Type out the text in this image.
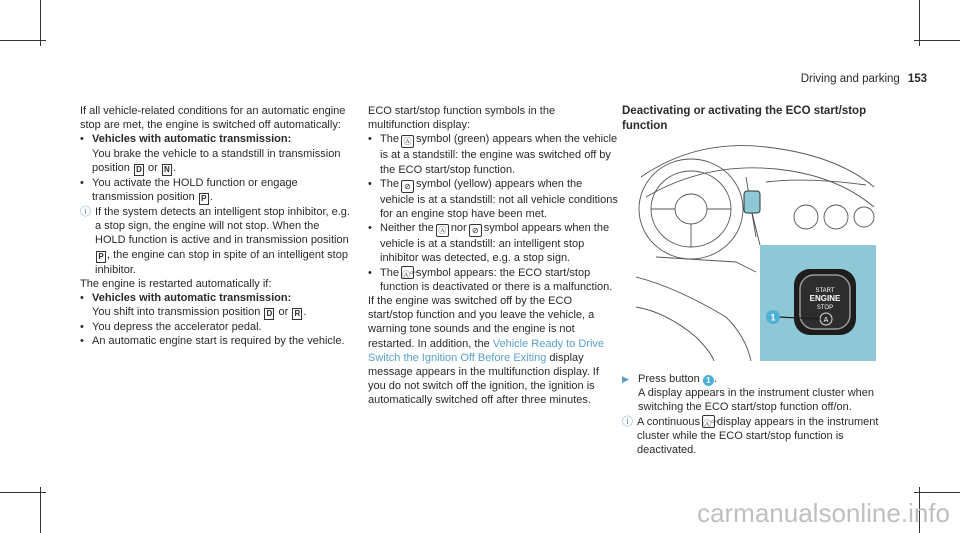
Driving and parking 153

If all vehicle-related conditions for an automatic engine stop are met, the engine is switched off automatically:

• Vehicles with automatic transmission:
You brake the vehicle to a standstill in transmission position D or N .

• You activate the HOLD function or engage transmission position P .

ⓘ If the system detects an intelligent stop inhibitor, e.g. a stop sign, the engine will not stop. When the HOLD function is active and in transmission position P , the engine can stop in spite of an intelligent stop inhibitor.

The engine is restarted automatically if:

• Vehicles with automatic transmission:
You shift into transmission position D or R .

• You depress the accelerator pedal.

• An automatic engine start is required by the vehicle.

ECO start/stop function symbols in the multifunction display:

• The Ⓐ symbol (green) appears when the vehicle is at a standstill: the engine was switched off by the ECO start/stop function.

• The ⊘ symbol (yellow) appears when the vehicle is at a standstill: not all vehicle conditions for an engine stop have been met.

• Neither the Ⓐ nor ⊘ symbol appears when the vehicle is at a standstill: an intelligent stop inhibitor was detected, e.g. a stop sign.

• The Ⓐ$^{OFF}$symbol appears: the ECO start/stop function is deactivated or there is a malfunction.

If the engine was switched off by the ECO start/stop function and you leave the vehicle, a warning tone sounds and the engine is not restarted. In addition, the Vehicle Ready to Drive Switch the Ignition Off Before Exiting display message appears in the multifunction display. If you do not switch off the ignition, the ignition is automatically switched off after three minutes.

Deactivating or activating the ECO start/stop function

START
ENGINE
STOP
A
1

▶ Press button 1 .
A display appears in the instrument cluster when switching the ECO start/stop function off/on.

ⓘ A continuous Ⓐ$^{OFF}$display appears in the instrument cluster while the ECO start/stop function is deactivated.

carmanualsonline.info
